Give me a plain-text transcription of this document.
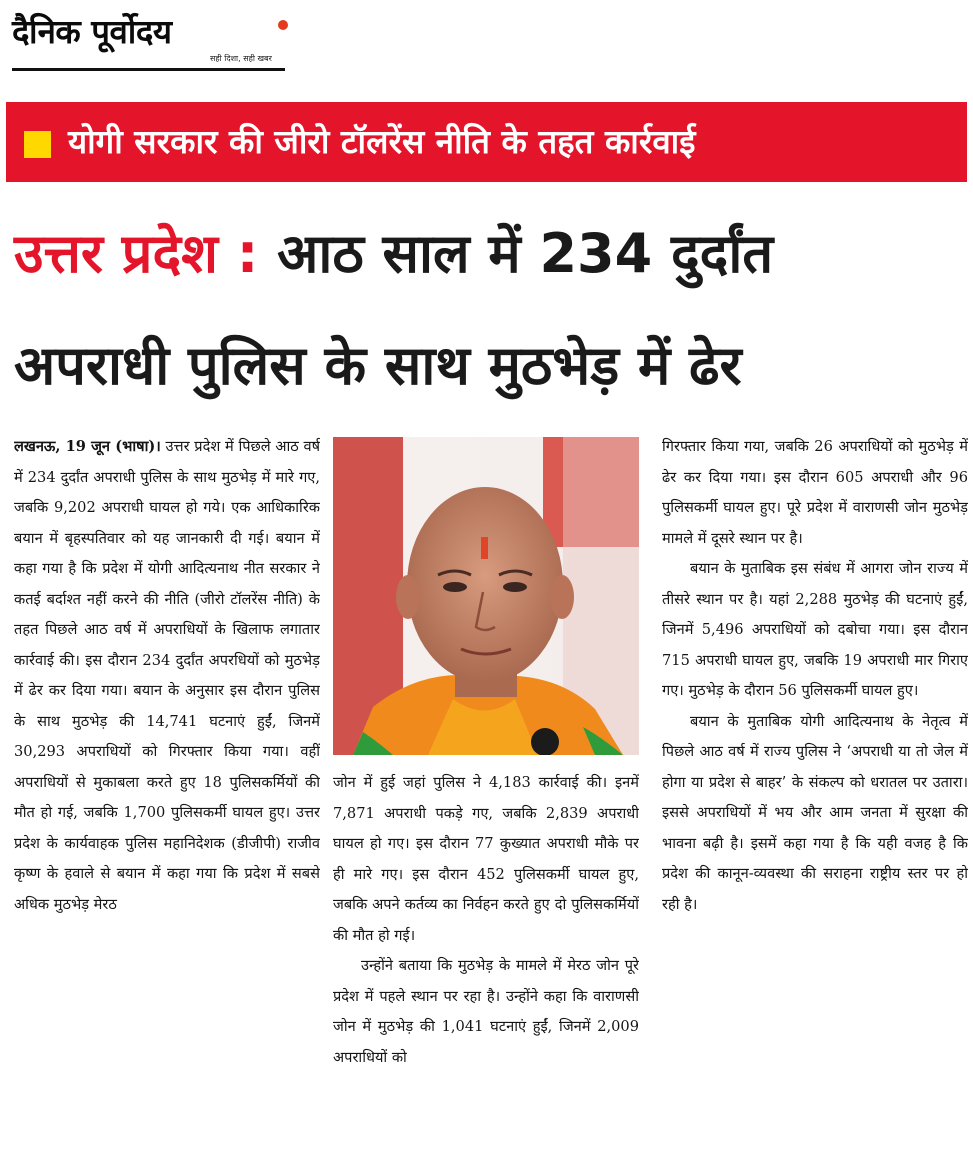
दैनिक पूर्वोदय
सही दिशा, सही खबर
योगी सरकार की जीरो टॉलरेंस नीति के तहत कार्रवाई
उत्तर प्रदेश : आठ साल में 234 दुर्दांत
अपराधी पुलिस के साथ मुठभेड़ में ढेर

लखनऊ, 19 जून (भाषा)। उत्तर प्रदेश में पिछले आठ वर्ष में 234 दुर्दांत अपराधी पुलिस के साथ मुठभेड़ में मारे गए, जबकि 9,202 अपराधी घायल हो गये। एक आधिकारिक बयान में बृहस्पतिवार को यह जानकारी दी गई। बयान में कहा गया है कि प्रदेश में योगी आदित्यनाथ नीत सरकार ने कतई बर्दाश्त नहीं करने की नीति (जीरो टॉलरेंस नीति) के तहत पिछले आठ वर्ष में अपराधियों के खिलाफ लगातार कार्रवाई की। इस दौरान 234 दुर्दांत अपरधियों को मुठभेड़ में ढेर कर दिया गया। बयान के अनुसार इस दौरान पुलिस के साथ मुठभेड़ की 14,741 घटनाएं हुईं, जिनमें 30,293 अपराधियों को गिरफ्तार किया गया। वहीं अपराधियों से मुकाबला करते हुए 18 पुलिसकर्मियों की मौत हो गई, जबकि 1,700 पुलिसकर्मी घायल हुए। उत्तर प्रदेश के कार्यवाहक पुलिस महानिदेशक (डीजीपी) राजीव कृष्ण के हवाले से बयान में कहा गया कि प्रदेश में सबसे अधिक मुठभेड़ मेरठ

जोन में हुई जहां पुलिस ने 4,183 कार्रवाई की। इनमें 7,871 अपराधी पकड़े गए, जबकि 2,839 अपराधी घायल हो गए। इस दौरान 77 कुख्यात अपराधी मौके पर ही मारे गए। इस दौरान 452 पुलिसकर्मी घायल हुए, जबकि अपने कर्तव्य का निर्वहन करते हुए दो पुलिसकर्मियों की मौत हो गई।

उन्होंने बताया कि मुठभेड़ के मामले में मेरठ जोन पूरे प्रदेश में पहले स्थान पर रहा है। उन्होंने कहा कि वाराणसी जोन में मुठभेड़ की 1,041 घटनाएं हुईं, जिनमें 2,009 अपराधियों को

गिरफ्तार किया गया, जबकि 26 अपराधियों को मुठभेड़ में ढेर कर दिया गया। इस दौरान 605 अपराधी और 96 पुलिसकर्मी घायल हुए। पूरे प्रदेश में वाराणसी जोन मुठभेड़ मामले में दूसरे स्थान पर है।

बयान के मुताबिक इस संबंध में आगरा जोन राज्य में तीसरे स्थान पर है। यहां 2,288 मुठभेड़ की घटनाएं हुईं, जिनमें 5,496 अपराधियों को दबोचा गया। इस दौरान 715 अपराधी घायल हुए, जबकि 19 अपराधी मार गिराए गए। मुठभेड़ के दौरान 56 पुलिसकर्मी घायल हुए।

बयान के मुताबिक योगी आदित्यनाथ के नेतृत्व में पिछले आठ वर्ष में राज्य पुलिस ने ‘अपराधी या तो जेल में होगा या प्रदेश से बाहर’ के संकल्प को धरातल पर उतारा। इससे अपराधियों में भय और आम जनता में सुरक्षा की भावना बढ़ी है। इसमें कहा गया है कि यही वजह है कि प्रदेश की कानून-व्यवस्था की सराहना राष्ट्रीय स्तर पर हो रही है।
